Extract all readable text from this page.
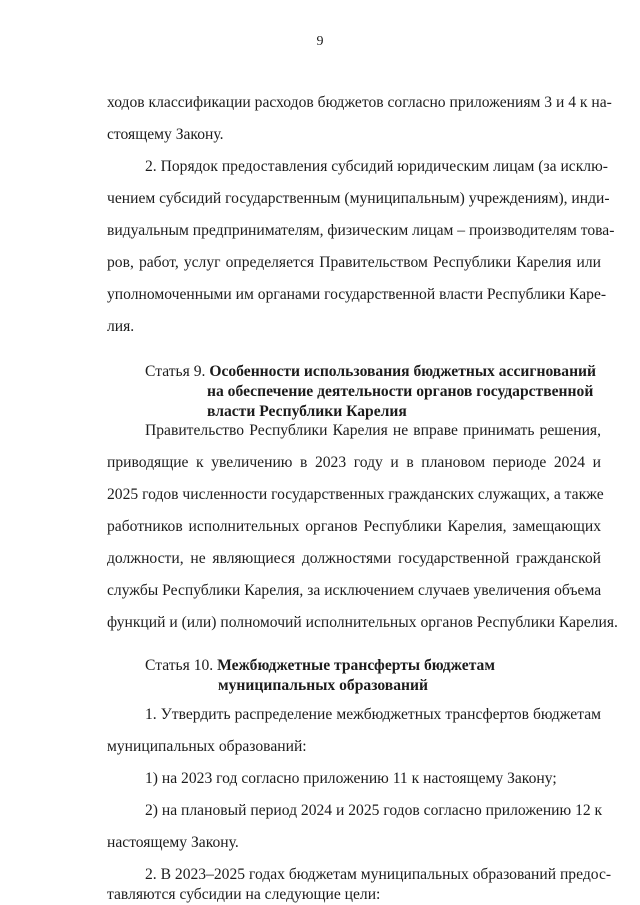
9
ходов классификации расходов бюджетов согласно приложениям 3 и 4 к на-
стоящему Закону.
2. Порядок предоставления субсидий юридическим лицам (за исклю-
чением субсидий государственным (муниципальным) учреждениям), инди-
видуальным предпринимателям, физическим лицам – производителям това-
ров, работ, услуг определяется Правительством Республики Карелия или
уполномоченными им органами государственной власти Республики Каре-
лия.
Статья 9. Особенности использования бюджетных ассигнований
на обеспечение деятельности органов государственной
власти Республики Карелия
Правительство Республики Карелия не вправе принимать решения,
приводящие к увеличению в 2023 году и в плановом периоде 2024 и
2025 годов численности государственных гражданских служащих, а также
работников исполнительных органов Республики Карелия, замещающих
должности, не являющиеся должностями государственной гражданской
службы Республики Карелия, за исключением случаев увеличения объема
функций и (или) полномочий исполнительных органов Республики Карелия.
Статья 10. Межбюджетные трансферты бюджетам
муниципальных образований
1. Утвердить распределение межбюджетных трансфертов бюджетам
муниципальных образований:
1) на 2023 год согласно приложению 11 к настоящему Закону;
2) на плановый период 2024 и 2025 годов согласно приложению 12 к
настоящему Закону.
2. В 2023–2025 годах бюджетам муниципальных образований предос-
тавляются субсидии на следующие цели:
